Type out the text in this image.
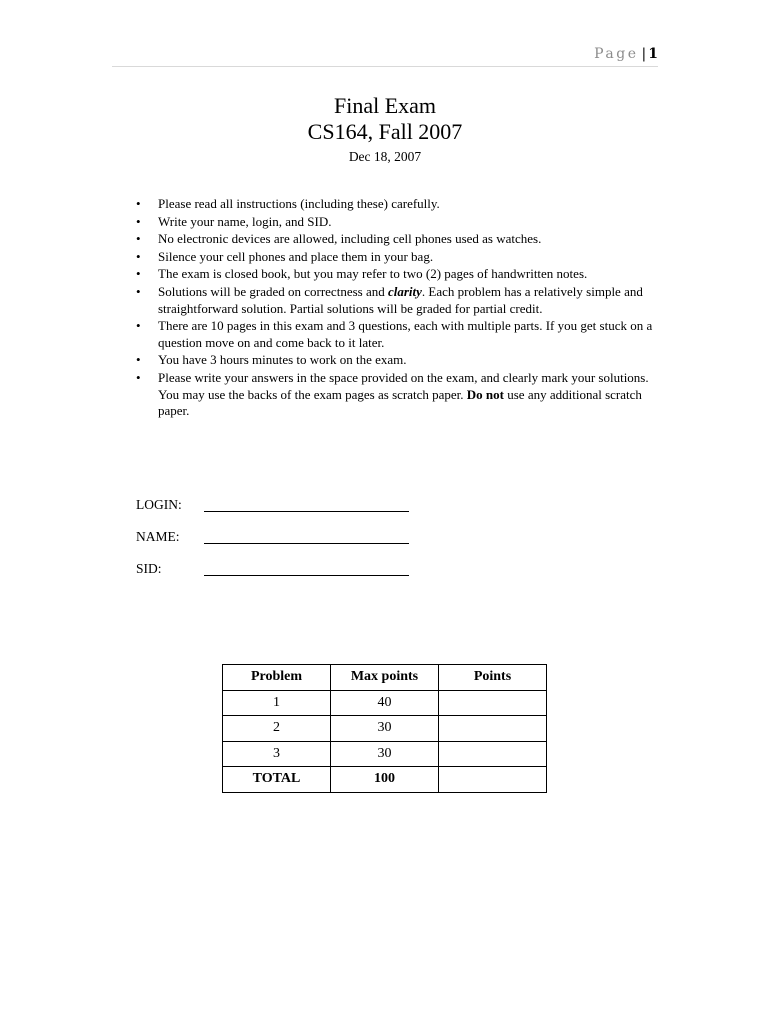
Page | 1
Final Exam
CS164, Fall 2007
Dec 18, 2007
• Please read all instructions (including these) carefully.
• Write your name, login, and SID.
• No electronic devices are allowed, including cell phones used as watches.
• Silence your cell phones and place them in your bag.
• The exam is closed book, but you may refer to two (2) pages of handwritten notes.
• Solutions will be graded on correctness and clarity. Each problem has a relatively simple and straightforward solution. Partial solutions will be graded for partial credit.
• There are 10 pages in this exam and 3 questions, each with multiple parts. If you get stuck on a question move on and come back to it later.
• You have 3 hours minutes to work on the exam.
• Please write your answers in the space provided on the exam, and clearly mark your solutions. You may use the backs of the exam pages as scratch paper. Do not use any additional scratch paper.
LOGIN:
NAME:
SID:
Problem	Max points	Points
1	40	
2	30	
3	30	
TOTAL	100	
